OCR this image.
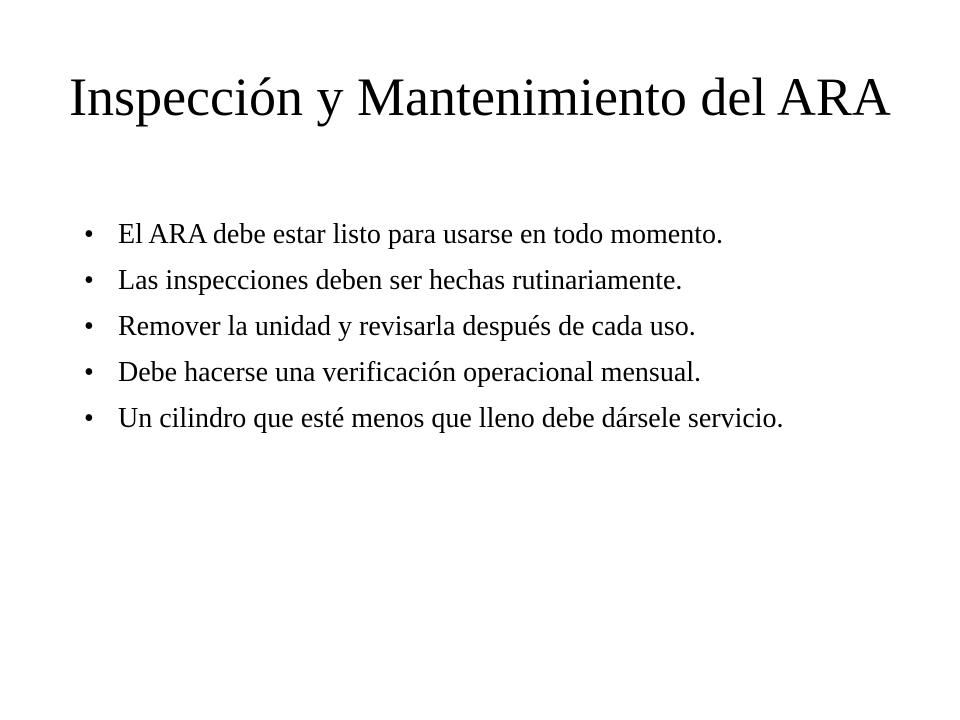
Inspección y Mantenimiento del ARA
• El ARA debe estar listo para usarse en todo momento.
• Las inspecciones deben ser hechas rutinariamente.
• Remover la unidad y revisarla después de cada uso.
• Debe hacerse una verificación operacional mensual.
• Un cilindro que esté menos que lleno debe dársele servicio.
